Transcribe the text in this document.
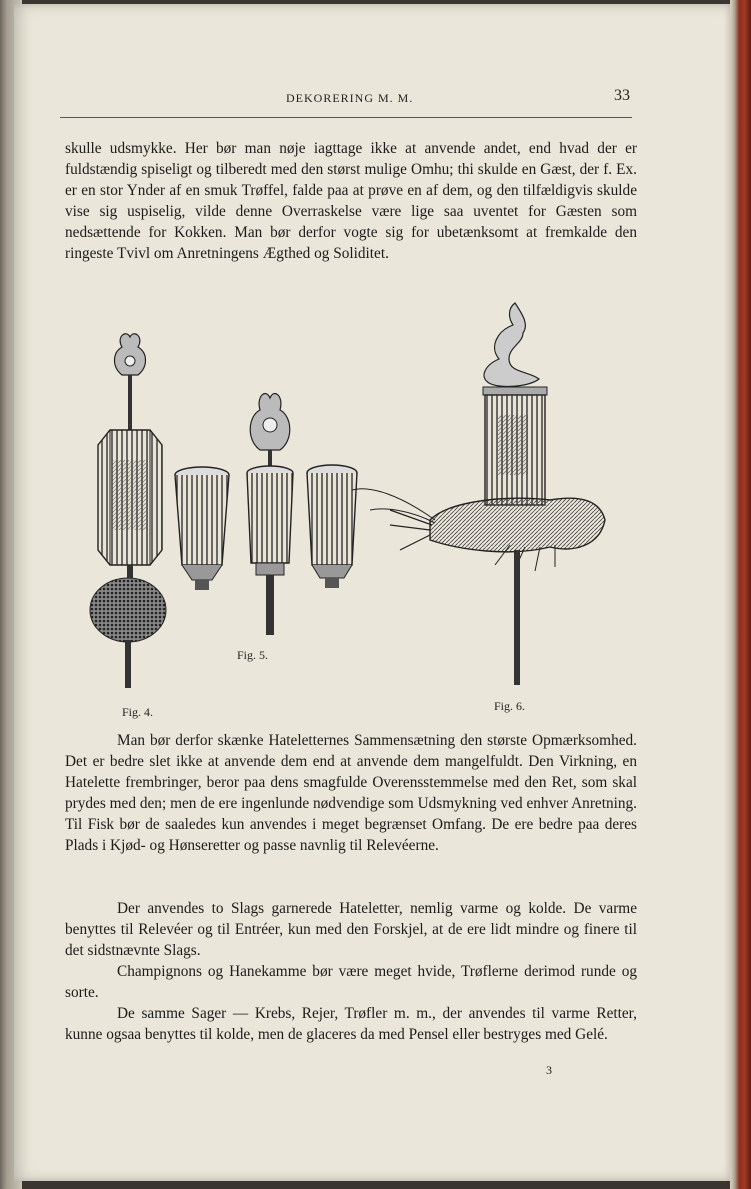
DEKORERING M. M.	33

skulle udsmykke. Her bør man nøje iagttage ikke at anvende andet, end hvad der er fuldstændig spiseligt og tilberedt med den størst mulige Omhu; thi skulde en Gæst, der f. Ex. er en stor Ynder af en smuk Trøffel, falde paa at prøve en af dem, og den tilfældigvis skulde vise sig uspiselig, vilde denne Overraskelse være lige saa uventet for Gæsten som nedsættende for Kokken. Man bør derfor vogte sig for ubetænksomt at fremkalde den ringeste Tvivl om Anretningens Ægthed og Soliditet.

Fig. 4.
Fig. 5.
Fig. 6.

Man bør derfor skænke Hateletternes Sammensætning den største Opmærksomhed. Det er bedre slet ikke at anvende dem end at anvende dem mangelfuldt. Den Virkning, en Hatelette frembringer, beror paa dens smagfulde Overensstemmelse med den Ret, som skal prydes med den; men de ere ingenlunde nødvendige som Udsmykning ved enhver Anretning. Til Fisk bør de saaledes kun anvendes i meget begrænset Omfang. De ere bedre paa deres Plads i Kjød- og Hønseretter og passe navnlig til Relevéerne.

Der anvendes to Slags garnerede Hateletter, nemlig varme og kolde. De varme benyttes til Relevéer og til Entréer, kun med den Forskjel, at de ere lidt mindre og finere til det sidstnævnte Slags.

Champignons og Hanekamme bør være meget hvide, Trøflerne derimod runde og sorte.

De samme Sager — Krebs, Rejer, Trøfler m. m., der anvendes til varme Retter, kunne ogsaa benyttes til kolde, men de glaceres da med Pensel eller bestryges med Gelé.

3
